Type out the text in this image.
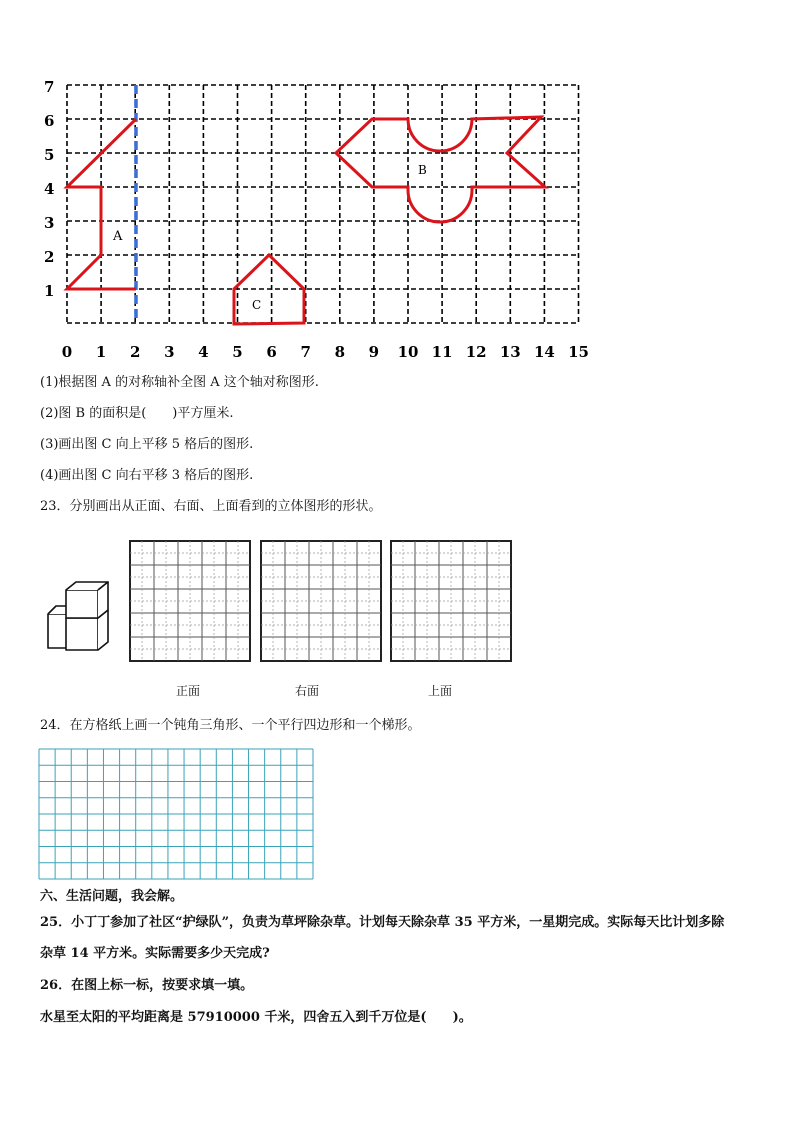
7
6
5
4
3
2
1
0 1 2 3 4 5 6 7 8 9 10 11 12 13 14 15
A
B
C
(1)根据图 A 的对称轴补全图 A 这个轴对称图形.
(2)图 B 的面积是(　　)平方厘米.
(3)画出图 C 向上平移 5 格后的图形.
(4)画出图 C 向右平移 3 格后的图形.
23．分别画出从正面、右面、上面看到的立体图形的形状。
正面	右面	上面
24．在方格纸上画一个钝角三角形、一个平行四边形和一个梯形。
六、生活问题，我会解。
25．小丁丁参加了社区“护绿队”，负责为草坪除杂草。计划每天除杂草 35 平方米，一星期完成。实际每天比计划多除
杂草 14 平方米。实际需要多少天完成?
26．在图上标一标，按要求填一填。
水星至太阳的平均距离是 57910000 千米，四舍五入到千万位是(　　)。
